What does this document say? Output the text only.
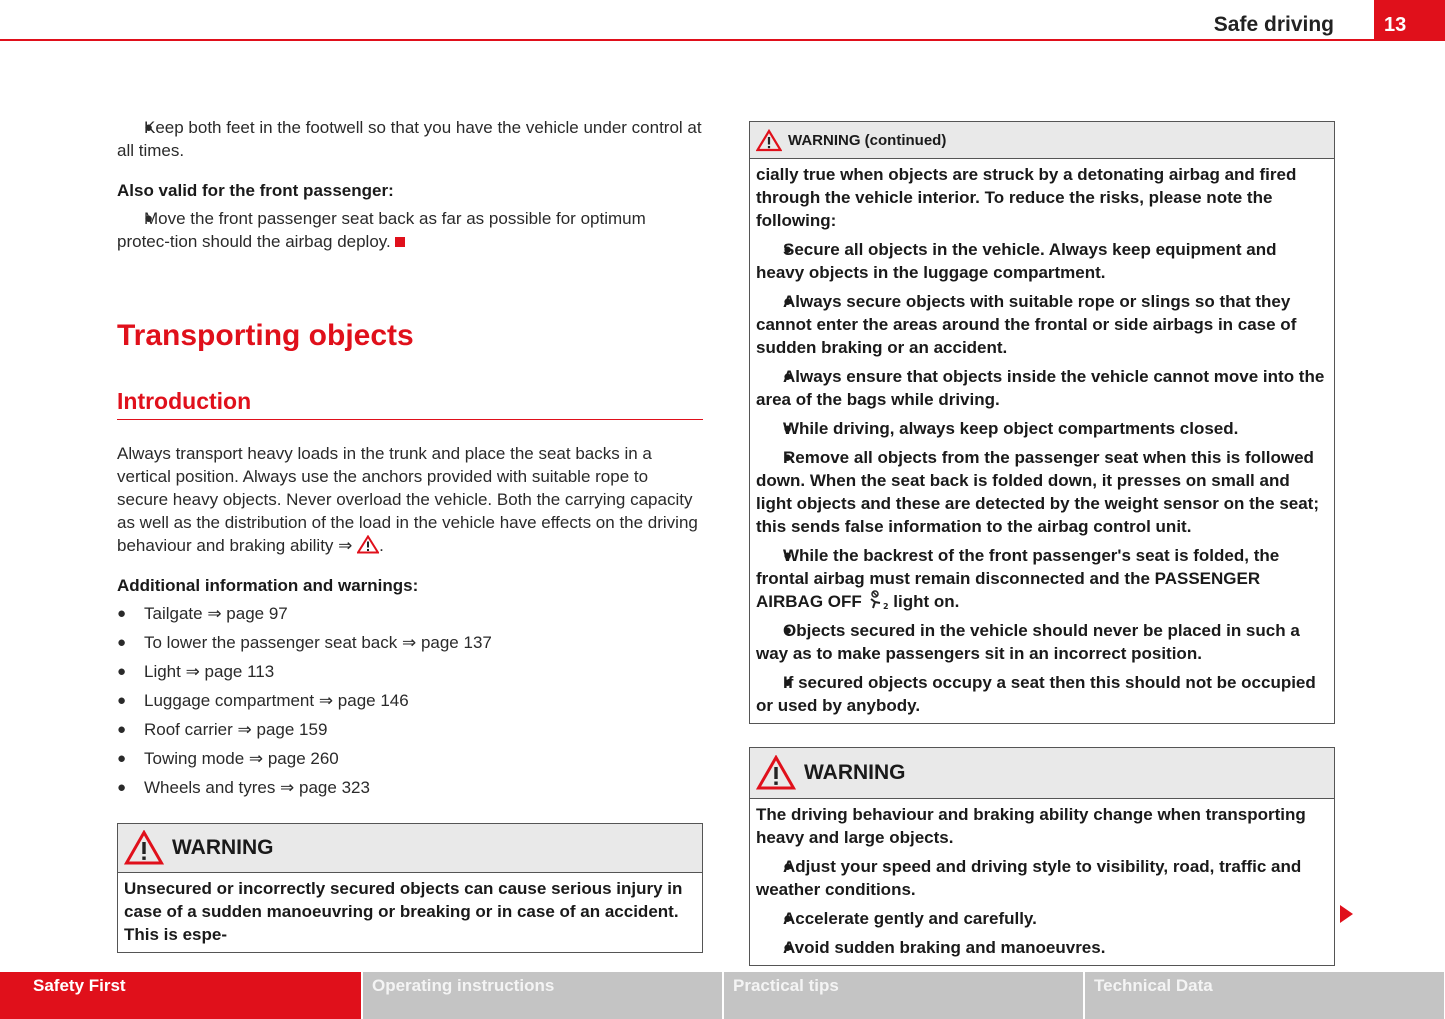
Safe driving	13

● Keep both feet in the footwell so that you have the vehicle under control at all times.

Also valid for the front passenger:

● Move the front passenger seat back as far as possible for optimum protec-tion should the airbag deploy.

Transporting objects
Introduction

Always transport heavy loads in the trunk and place the seat backs in a vertical position. Always use the anchors provided with suitable rope to secure heavy objects. Never overload the vehicle. Both the carrying capacity as well as the distribution of the load in the vehicle have effects on the driving behaviour and braking ability ⇒ .

Additional information and warnings:

● Tailgate ⇒ page 97

● To lower the passenger seat back ⇒ page 137

● Light ⇒ page 113

● Luggage compartment ⇒ page 146

● Roof carrier ⇒ page 159

● Towing mode ⇒ page 260

● Wheels and tyres ⇒ page 323

WARNING
Unsecured or incorrectly secured objects can cause serious injury in case of a sudden manoeuvring or breaking or in case of an accident. This is espe-
WARNING (continued)

cially true when objects are struck by a detonating airbag and fired through the vehicle interior. To reduce the risks, please note the following:

● Secure all objects in the vehicle. Always keep equipment and heavy objects in the luggage compartment.

● Always secure objects with suitable rope or slings so that they cannot enter the areas around the frontal or side airbags in case of sudden braking or an accident.

● Always ensure that objects inside the vehicle cannot move into the area of the bags while driving.

● While driving, always keep object compartments closed.

● Remove all objects from the passenger seat when this is followed down. When the seat back is folded down, it presses on small and light objects and these are detected by the weight sensor on the seat; this sends false information to the airbag control unit.

● While the backrest of the front passenger's seat is folded, the frontal airbag must remain disconnected and the PASSENGER AIRBAG OFF	2 light on.

● Objects secured in the vehicle should never be placed in such a way as to make passengers sit in an incorrect position.

● If secured objects occupy a seat then this should not be occupied or used by anybody.

WARNING

The driving behaviour and braking ability change when transporting heavy and large objects.

● Adjust your speed and driving style to visibility, road, traffic and weather conditions.

● Accelerate gently and carefully.

● Avoid sudden braking and manoeuvres.

Safety First	Operating instructions	Practical tips	Technical Data
